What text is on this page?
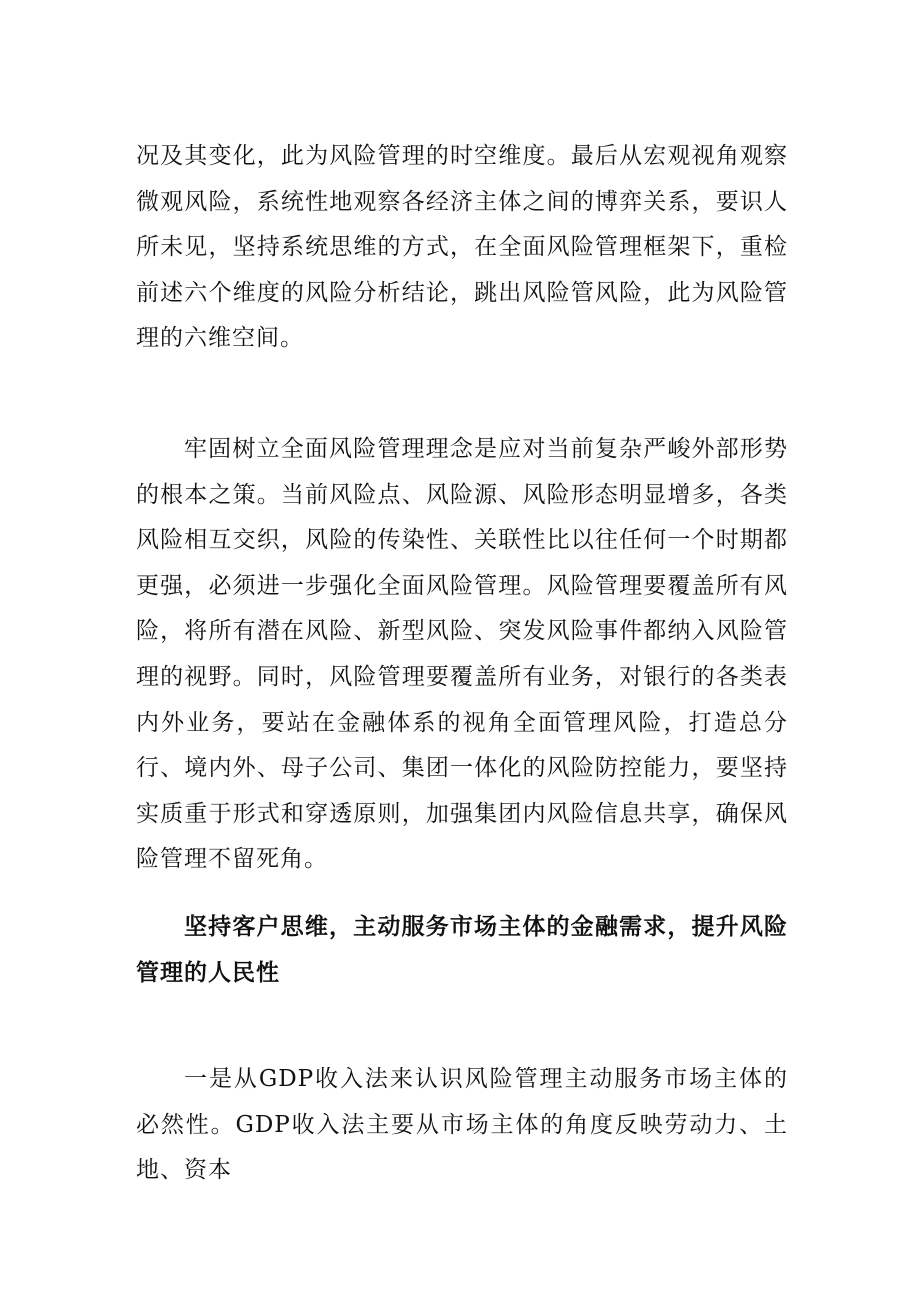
况及其变化，此为风险管理的时空维度。最后从宏观视角观察微观风险，系统性地观察各经济主体之间的博弈关系，要识人所未见，坚持系统思维的方式，在全面风险管理框架下，重检前述六个维度的风险分析结论，跳出风险管风险，此为风险管理的六维空间。

牢固树立全面风险管理理念是应对当前复杂严峻外部形势的根本之策。当前风险点、风险源、风险形态明显增多，各类风险相互交织，风险的传染性、关联性比以往任何一个时期都更强，必须进一步强化全面风险管理。风险管理要覆盖所有风险，将所有潜在风险、新型风险、突发风险事件都纳入风险管理的视野。同时，风险管理要覆盖所有业务，对银行的各类表内外业务，要站在金融体系的视角全面管理风险，打造总分行、境内外、母子公司、集团一体化的风险防控能力，要坚持实质重于形式和穿透原则，加强集团内风险信息共享，确保风险管理不留死角。

坚持客户思维，主动服务市场主体的金融需求，提升风险管理的人民性

一是从GDP收入法来认识风险管理主动服务市场主体的必然性。GDP收入法主要从市场主体的角度反映劳动力、土地、资本
